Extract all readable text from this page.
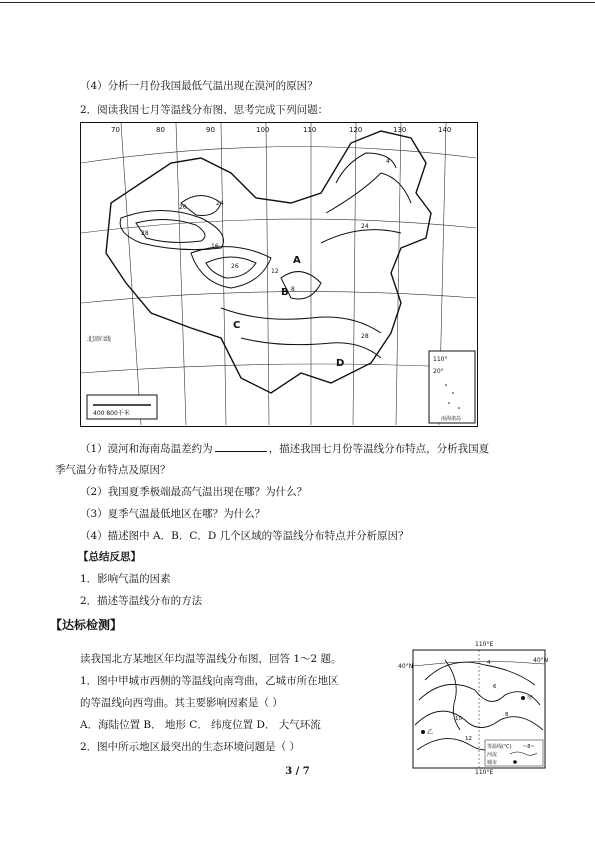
（4）分析一月份我国最低气温出现在漠河的原因？
2．阅读我国七月等温线分布图、思考完成下列问题：
20
24
28
26
16
12
8
4
24
28
70	80	90	100	110	120	130	140
A
B
C
D
北回归线
400 800千米
110°
20°
南海诸岛
（1）漠河和海南岛温差约为	，描述我国七月份等温线分布特点，分析我国夏
季气温分布特点及原因？
（2）我国夏季极端最高气温出现在哪？为什么？
（3）夏季气温最低地区在哪？为什么？
（4）描述图中 A．B．C．D 几个区域的等温线分布特点并分析原因？
【总结反思】
1．影响气温的因素
2．描述等温线分布的方法
【达标检测】
读我国北方某地区年均温等温线分布图，回答 1～2 题。
1．图中甲城市西侧的等温线向南弯曲，乙城市所在地区
的等温线向西弯曲。其主要影响因素是（ ）
A．海陆位置 B． 地形 C． 纬度位置 D． 大气环流
2．图中所示地区最突出的生态环境问题是（ ）
110°E
40°N
40°N
4
6
8
10
12
甲
乙
等温线(℃) ~8~
河流
城市
110°E
3 / 7
